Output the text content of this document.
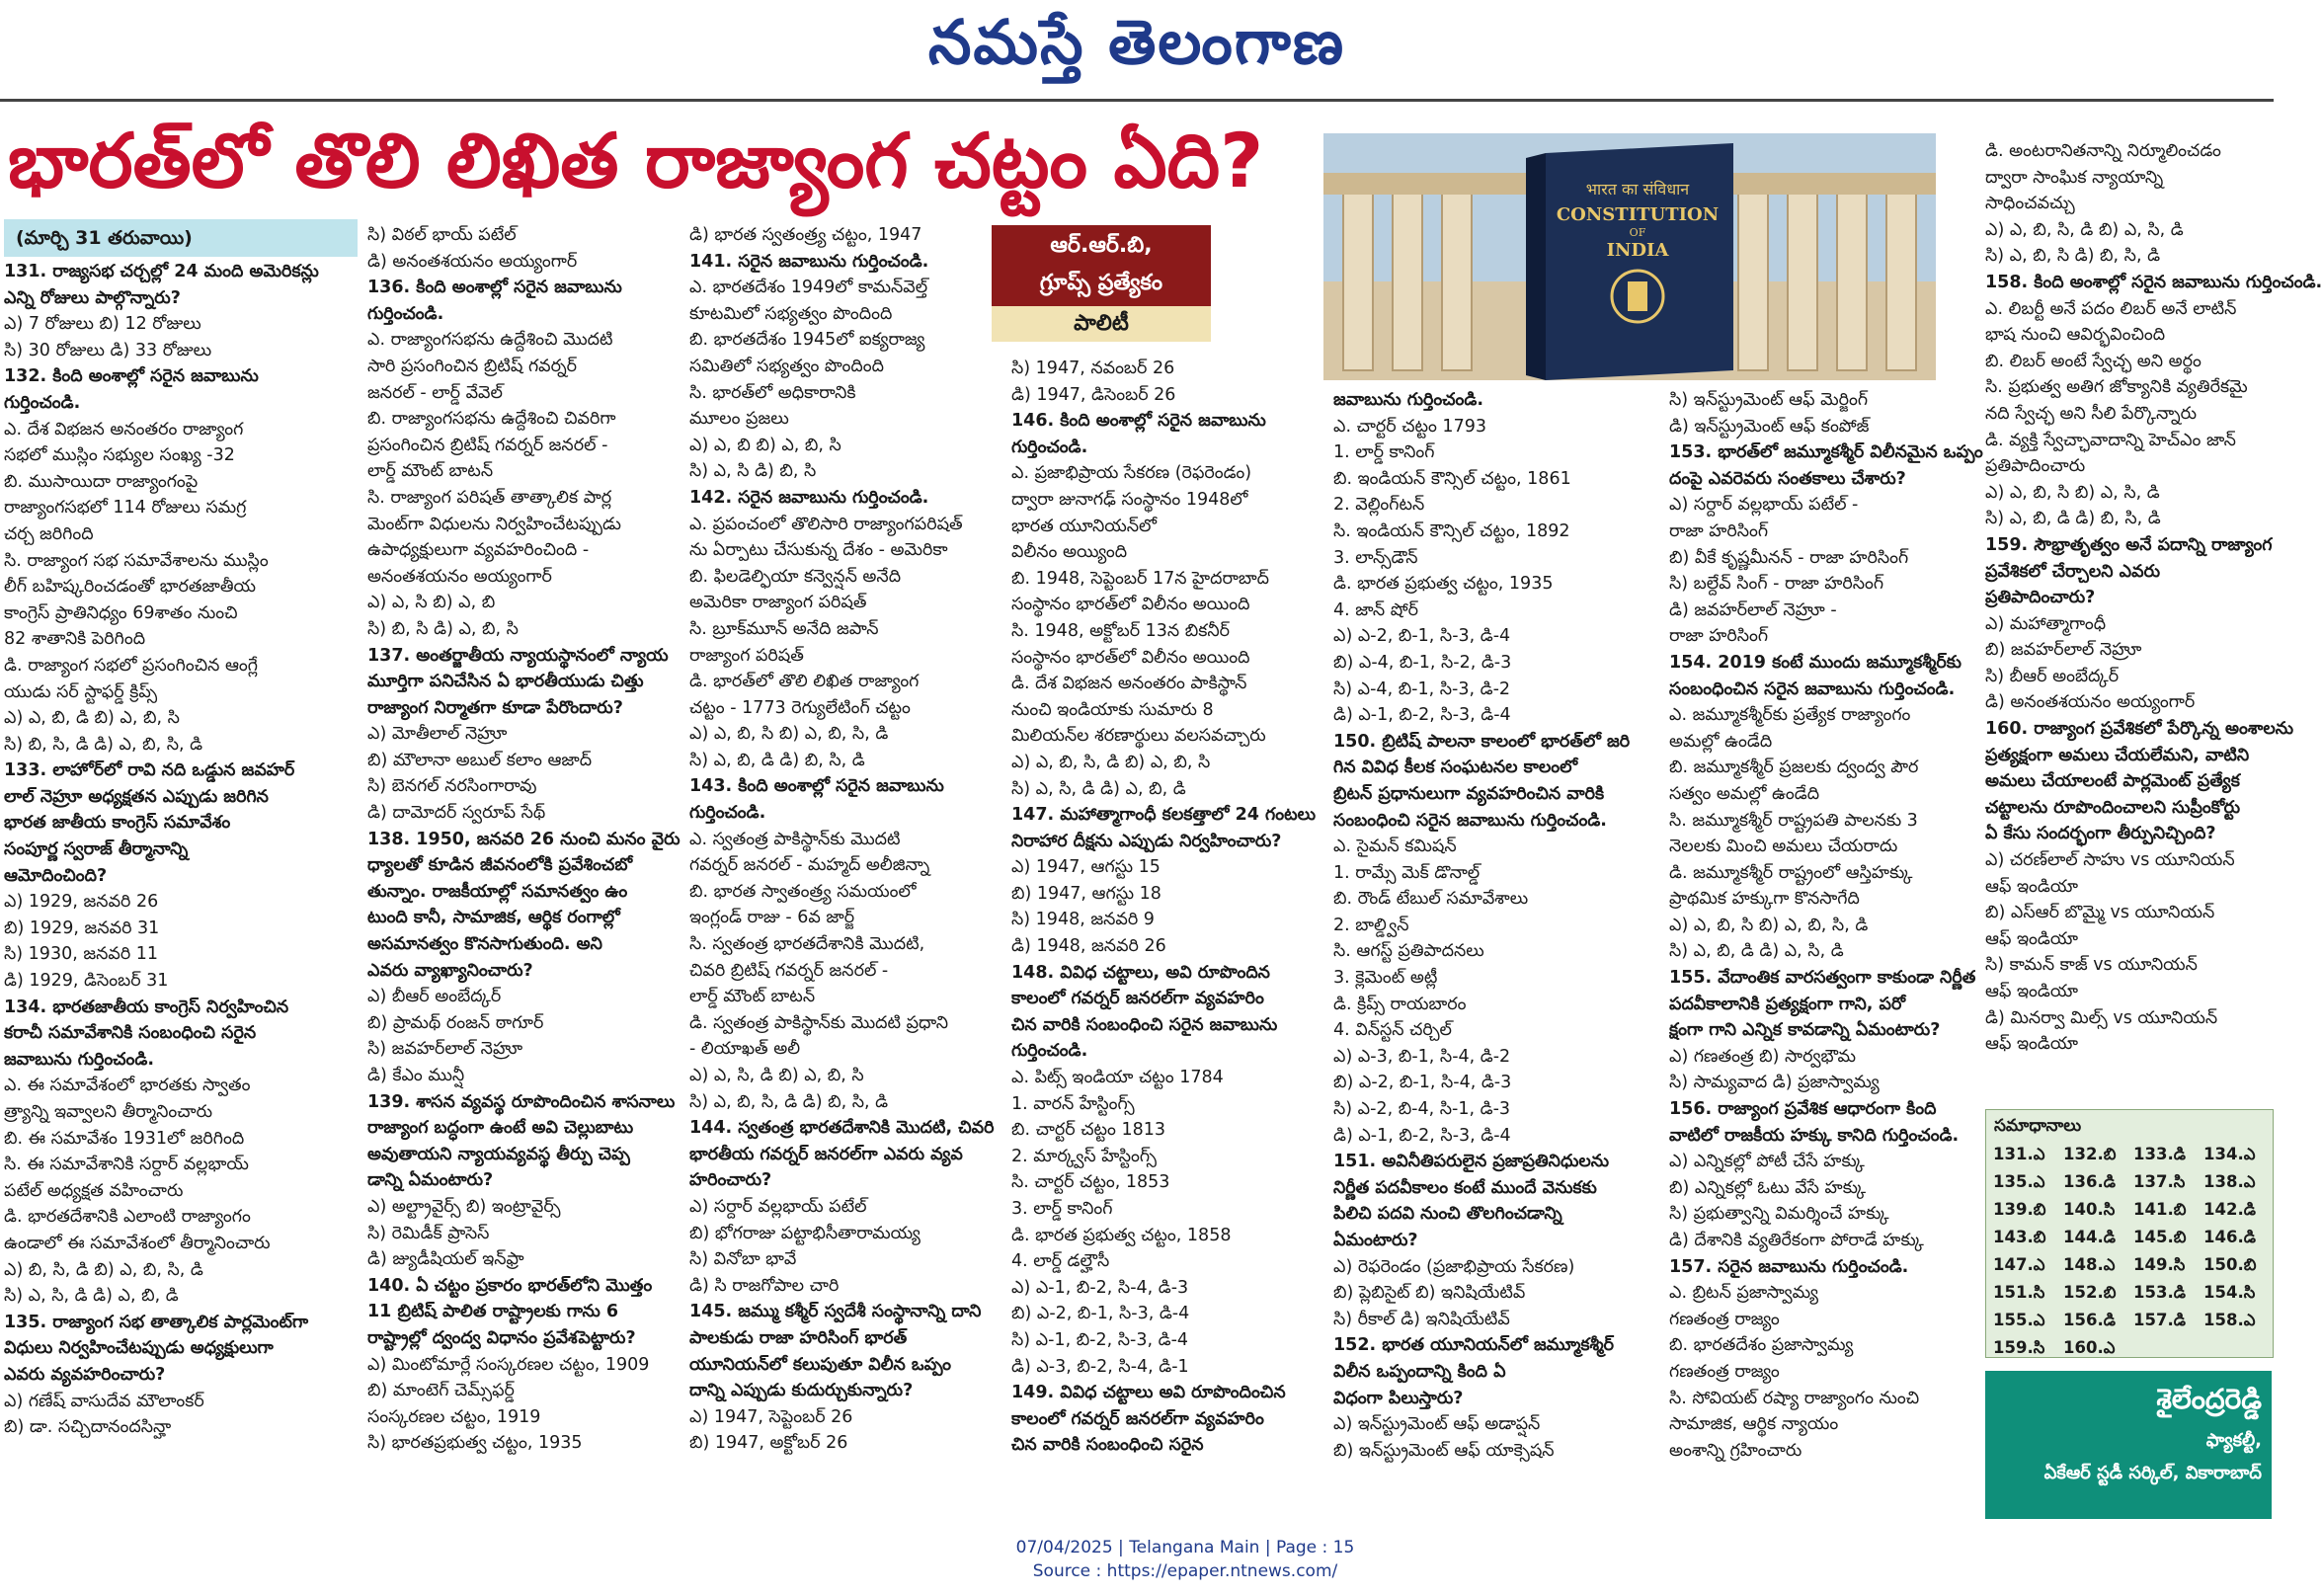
నమస్తే తెలంగాణ
భారత్‌లో తొలి లిఖిత రాజ్యాంగ చట్టం ఏది?	भारत का संविधान
CONSTITUTION
OF
INDIA
ఆర్.ఆర్.బి,
గ్రూప్స్ ప్రత్యేకం
పాలిటీ
(మార్చి 31 తరువాయి)

131. రాజ్యసభ చర్చల్లో 24 మంది అమెరికన్లు

ఎన్ని రోజులు పాల్గొన్నారు?

ఎ) 7 రోజులు బి) 12 రోజులు

సి) 30 రోజులు డి) 33 రోజులు

132. కింది అంశాల్లో సరైన జవాబును

గుర్తించండి.

ఎ. దేశ విభజన అనంతరం రాజ్యాంగ

సభలో ముస్లిం సభ్యుల సంఖ్య -32

బి. ముసాయిదా రాజ్యాంగంపై

రాజ్యాంగసభలో 114 రోజులు సమగ్ర

చర్చ జరిగింది

సి. రాజ్యాంగ సభ సమావేశాలను ముస్లిం

లీగ్ బహిష్కరించడంతో భారతజాతీయ

కాంగ్రెస్ ప్రాతినిధ్యం 69శాతం నుంచి

82 శాతానికి పెరిగింది

డి. రాజ్యాంగ సభలో ప్రసంగించిన ఆంగ్లే

యుడు సర్ స్టాఫర్డ్ క్రిప్స్

ఎ) ఎ, బి, డి బి) ఎ, బి, సి

సి) బి, సి, డి డి) ఎ, బి, సి, డి

133. లాహోర్‌లో రావి నది ఒడ్డున జవహర్

లాల్ నెహ్రూ అధ్యక్షతన ఎప్పుడు జరిగిన

భారత జాతీయ కాంగ్రెస్ సమావేశం

సంపూర్ణ స్వరాజ్ తీర్మానాన్ని

ఆమోదించింది?

ఎ) 1929, జనవరి 26

బి) 1929, జనవరి 31

సి) 1930, జనవరి 11

డి) 1929, డిసెంబర్ 31

134. భారతజాతీయ కాంగ్రెస్ నిర్వహించిన

కరాచీ సమావేశానికి సంబంధించి సరైన

జవాబును గుర్తించండి.

ఎ. ఈ సమావేశంలో భారతకు స్వాతం

త్ర్యాన్ని ఇవ్వాలని తీర్మానించారు

బి. ఈ సమావేశం 1931లో జరిగింది

సి. ఈ సమావేశానికి సర్దార్ వల్లభాయ్

పటేల్ అధ్యక్షత వహించారు

డి. భారతదేశానికి ఎలాంటి రాజ్యాంగం

ఉండాలో ఈ సమావేశంలో తీర్మానించారు

ఎ) బి, సి, డి బి) ఎ, బి, సి, డి

సి) ఎ, సి, డి డి) ఎ, బి, డి

135. రాజ్యాంగ సభ తాత్కాలిక పార్లమెంట్‌గా

విధులు నిర్వహించేటప్పుడు అధ్యక్షులుగా

ఎవరు వ్యవహరించారు?

ఎ) గణేష్ వాసుదేవ మౌలాంకర్

బి) డా. సచ్చిదానందసిన్హా

సి) విఠల్ భాయ్ పటేల్

డి) అనంతశయనం అయ్యంగార్

136. కింది అంశాల్లో సరైన జవాబును

గుర్తించండి.

ఎ. రాజ్యాంగసభను ఉద్దేశించి మొదటి

సారి ప్రసంగించిన బ్రిటిష్ గవర్నర్

జనరల్ - లార్డ్ వేవెల్

బి. రాజ్యాంగసభను ఉద్దేశించి చివరిగా

ప్రసంగించిన బ్రిటిష్ గవర్నర్ జనరల్ -

లార్డ్ మౌంట్ బాటన్

సి. రాజ్యాంగ పరిషత్ తాత్కాలిక పార్ల

మెంట్‌గా విధులను నిర్వహించేటప్పుడు

ఉపాధ్యక్షులుగా వ్యవహరించింది -

అనంతశయనం అయ్యంగార్

ఎ) ఎ, సి బి) ఎ, బి

సి) బి, సి డి) ఎ, బి, సి

137. అంతర్జాతీయ న్యాయస్థానంలో న్యాయ

మూర్తిగా పనిచేసిన ఏ భారతీయుడు చిత్తు

రాజ్యాంగ నిర్మాతగా కూడా పేరొందారు?

ఎ) మోతీలాల్ నెహ్రూ

బి) మౌలానా అబుల్ కలాం ఆజాద్

సి) బెనగల్ నరసింగారావు

డి) దామోదర్ స్వరూప్ సేథ్

138. 1950, జనవరి 26 నుంచి మనం వైరు

ధ్యాలతో కూడిన జీవనంలోకి ప్రవేశించబో

తున్నాం. రాజకీయాల్లో సమానత్వం ఉం

టుంది కానీ, సామాజిక, ఆర్థిక రంగాల్లో

అసమానత్వం కొనసాగుతుంది. అని

ఎవరు వ్యాఖ్యానించారు?

ఎ) బీఆర్ అంబేద్కర్

బి) ప్రామథ్ రంజన్ ఠాగూర్

సి) జవహర్‌లాల్ నెహ్రూ

డి) కేఎం మున్షీ

139. శాసన వ్యవస్థ రూపొందించిన శాసనాలు

రాజ్యాంగ బద్ధంగా ఉంటే అవి చెల్లుబాటు

అవుతాయని న్యాయవ్యవస్థ తీర్పు చెప్ప

డాన్ని ఏమంటారు?

ఎ) అల్ట్రావైర్స్ బి) ఇంట్రావైర్స్

సి) రెమిడీక్ ప్రాసెస్

డి) జ్యుడీషియల్ ఇన్‌ఫ్రా

140. ఏ చట్టం ప్రకారం భారత్‌లోని మొత్తం

11 బ్రిటిష్ పాలిత రాష్ట్రాలకు గాను 6

రాష్ట్రాల్లో ద్వంద్వ విధానం ప్రవేశపెట్టారు?

ఎ) మింటోమార్లే సంస్కరణల చట్టం, 1909

బి) మాంటెగ్ చెమ్స్‌ఫర్డ్

సంస్కరణల చట్టం, 1919

సి) భారతప్రభుత్వ చట్టం, 1935

డి) భారత స్వతంత్ర్య చట్టం, 1947

141. సరైన జవాబును గుర్తించండి.

ఎ. భారతదేశం 1949లో కామన్‌వెల్త్

కూటమిలో సభ్యత్వం పొందింది

బి. భారతదేశం 1945లో ఐక్యరాజ్య

సమితిలో సభ్యత్వం పొందింది

సి. భారత్‌లో అధికారానికి

మూలం ప్రజలు

ఎ) ఎ, బి బి) ఎ, బి, సి

సి) ఎ, సి డి) బి, సి

142. సరైన జవాబును గుర్తించండి.

ఎ. ప్రపంచంలో తొలిసారి రాజ్యాంగపరిషత్

ను ఏర్పాటు చేసుకున్న దేశం - అమెరికా

బి. ఫిలడెల్ఫియా కన్వెన్షన్ అనేది

అమెరికా రాజ్యాంగ పరిషత్

సి. బ్రూక్‌మూన్ అనేది జపాన్

రాజ్యాంగ పరిషత్

డి. భారత్‌లో తొలి లిఖిత రాజ్యాంగ

చట్టం - 1773 రెగ్యులేటింగ్ చట్టం

ఎ) ఎ, బి, సి బి) ఎ, బి, సి, డి

సి) ఎ, బి, డి డి) బి, సి, డి

143. కింది అంశాల్లో సరైన జవాబును

గుర్తించండి.

ఎ. స్వతంత్ర పాకిస్థాన్‌కు మొదటి

గవర్నర్ జనరల్ - మహ్మద్ అలీజిన్నా

బి. భారత స్వాతంత్ర్య సమయంలో

ఇంగ్లండ్ రాజు - 6వ జార్జ్

సి. స్వతంత్ర భారతదేశానికి మొదటి,

చివరి బ్రిటిష్ గవర్నర్ జనరల్ -

లార్డ్ మౌంట్ బాటన్

డి. స్వతంత్ర పాకిస్థాన్‌కు మొదటి ప్రధాని

- లియాఖత్ అలీ

ఎ) ఎ, సి, డి బి) ఎ, బి, సి

సి) ఎ, బి, సి, డి డి) బి, సి, డి

144. స్వతంత్ర భారతదేశానికి మొదటి, చివరి

భారతీయ గవర్నర్ జనరల్‌గా ఎవరు వ్యవ

హరించారు?

ఎ) సర్దార్ వల్లభాయ్ పటేల్

బి) భోగరాజు పట్టాభిసీతారామయ్య

సి) వినోబా భావే

డి) సి రాజగోపాల చారి

145. జమ్ము కశ్మీర్ స్వదేశీ సంస్థానాన్ని దాని

పాలకుడు రాజా హరిసింగ్ భారత్

యూనియన్‌లో కలుపుతూ విలీన ఒప్పం

దాన్ని ఎప్పుడు కుదుర్చుకున్నారు?

ఎ) 1947, సెప్టెంబర్ 26

బి) 1947, అక్టోబర్ 26

సి) 1947, నవంబర్ 26

డి) 1947, డిసెంబర్ 26

146. కింది అంశాల్లో సరైన జవాబును

గుర్తించండి.

ఎ. ప్రజాభిప్రాయ సేకరణ (రెఫరెండం)

ద్వారా జునాగఢ్ సంస్థానం 1948లో

భారత యూనియన్‌లో

విలీనం అయ్యింది

బి. 1948, సెప్టెంబర్ 17న హైదరాబాద్

సంస్థానం భారత్‌లో విలీనం అయింది

సి. 1948, అక్టోబర్ 13న బికనీర్

సంస్థానం భారత్‌లో విలీనం అయింది

డి. దేశ విభజన అనంతరం పాకిస్థాన్

నుంచి ఇండియాకు సుమారు 8

మిలియన్‌ల శరణార్థులు వలసవచ్చారు

ఎ) ఎ, బి, సి, డి బి) ఎ, బి, సి

సి) ఎ, సి, డి డి) ఎ, బి, డి

147. మహాత్మాగాంధీ కలకత్తాలో 24 గంటలు

నిరాహార దీక్షను ఎప్పుడు నిర్వహించారు?

ఎ) 1947, ఆగస్టు 15

బి) 1947, ఆగస్టు 18

సి) 1948, జనవరి 9

డి) 1948, జనవరి 26

148. వివిధ చట్టాలు, అవి రూపొందిన

కాలంలో గవర్నర్ జనరల్‌గా వ్యవహరిం

చిన వారికి సంబంధించి సరైన జవాబును

గుర్తించండి.

ఎ. పిట్స్ ఇండియా చట్టం 1784

1. వారన్ హేస్టింగ్స్

బి. చార్టర్ చట్టం 1813

2. మార్క్వస్ హేస్టింగ్స్

సి. చార్టర్ చట్టం, 1853

3. లార్డ్ కానింగ్

డి. భారత ప్రభుత్వ చట్టం, 1858

4. లార్డ్ డల్హౌసీ

ఎ) ఎ-1, బి-2, సి-4, డి-3

బి) ఎ-2, బి-1, సి-3, డి-4

సి) ఎ-1, బి-2, సి-3, డి-4

డి) ఎ-3, బి-2, సి-4, డి-1

149. వివిధ చట్టాలు అవి రూపొందించిన

కాలంలో గవర్నర్ జనరల్‌గా వ్యవహరిం

చిన వారికి సంబంధించి సరైన

జవాబును గుర్తించండి.

ఎ. చార్టర్ చట్టం 1793

1. లార్డ్ కానింగ్

బి. ఇండియన్ కౌన్సిల్ చట్టం, 1861

2. వెల్లింగ్‌టన్

సి. ఇండియన్ కౌన్సిల్ చట్టం, 1892

3. లాన్స్‌డౌన్

డి. భారత ప్రభుత్వ చట్టం, 1935

4. జాన్ షోర్

ఎ) ఎ-2, బి-1, సి-3, డి-4

బి) ఎ-4, బి-1, సి-2, డి-3

సి) ఎ-4, బి-1, సి-3, డి-2

డి) ఎ-1, బి-2, సి-3, డి-4

150. బ్రిటిష్ పాలనా కాలంలో భారత్‌లో జరి

గిన వివిధ కీలక సంఘటనల కాలంలో

బ్రిటన్ ప్రధానులుగా వ్యవహరించిన వారికి

సంబంధించి సరైన జవాబును గుర్తించండి.

ఎ. సైమన్ కమిషన్

1. రామ్సే మెక్ డొనాల్డ్

బి. రౌండ్ టేబుల్ సమావేశాలు

2. బాల్డ్విన్

సి. ఆగస్ట్ ప్రతిపాదనలు

3. క్లెమెంట్ అట్లీ

డి. క్రిప్స్ రాయబారం

4. విన్‌స్టన్ చర్చిల్

ఎ) ఎ-3, బి-1, సి-4, డి-2

బి) ఎ-2, బి-1, సి-4, డి-3

సి) ఎ-2, బి-4, సి-1, డి-3

డి) ఎ-1, బి-2, సి-3, డి-4

151. అవినీతిపరులైన ప్రజాప్రతినిధులను

నిర్ణీత పదవీకాలం కంటే ముందే వెనుకకు

పిలిచి పదవి నుంచి తొలగించడాన్ని

ఏమంటారు?

ఎ) రెఫరెండం (ప్రజాభిప్రాయ సేకరణ)

బి) ప్లెబిసైట్ బి) ఇనిషియేటివ్

సి) రీకాల్ డి) ఇనిషియేటివ్

152. భారత యూనియన్‌లో జమ్మూకశ్మీర్

విలీన ఒప్పందాన్ని కింది ఏ

విధంగా పిలుస్తారు?

ఎ) ఇన్‌స్ట్రుమెంట్ ఆఫ్ అడాప్షన్

బి) ఇన్‌స్ట్రుమెంట్ ఆఫ్ యాక్సెషన్

సి) ఇన్‌స్ట్రుమెంట్ ఆఫ్ మెర్జింగ్

డి) ఇన్‌స్ట్రుమెంట్ ఆఫ్ కంపోజ్

153. భారత్‌లో జమ్మూకశ్మీర్ విలీనమైన ఒప్పం

దంపై ఎవరెవరు సంతకాలు చేశారు?

ఎ) సర్దార్ వల్లభాయ్ పటేల్ -

రాజా హరిసింగ్

బి) వీకే కృష్ణమీనన్ - రాజా హరిసింగ్

సి) బల్దేవ్ సింగ్ - రాజా హరిసింగ్

డి) జవహర్‌లాల్ నెహ్రూ -

రాజా హరిసింగ్

154. 2019 కంటే ముందు జమ్మూకశ్మీర్‌కు

సంబంధించిన సరైన జవాబును గుర్తించండి.

ఎ. జమ్మూకశ్మీర్‌కు ప్రత్యేక రాజ్యాంగం

అమల్లో ఉండేది

బి. జమ్మూకశ్మీర్ ప్రజలకు ద్వంద్వ పౌర

సత్వం అమల్లో ఉండేది

సి. జమ్మూకశ్మీర్ రాష్ట్రపతి పాలనకు 3

నెలలకు మించి అమలు చేయరాదు

డి. జమ్మూకశ్మీర్ రాష్ట్రంలో ఆస్తిహక్కు

ప్రాథమిక హక్కుగా కొనసాగేది

ఎ) ఎ, బి, సి బి) ఎ, బి, సి, డి

సి) ఎ, బి, డి డి) ఎ, సి, డి

155. వేదాంతిక వారసత్వంగా కాకుండా నిర్ణీత

పదవీకాలానికి ప్రత్యక్షంగా గాని, పరో

క్షంగా గాని ఎన్నిక కావడాన్ని ఏమంటారు?

ఎ) గణతంత్ర బి) సార్వభౌమ

సి) సామ్యవాద డి) ప్రజాస్వామ్య

156. రాజ్యాంగ ప్రవేశిక ఆధారంగా కింది

వాటిలో రాజకీయ హక్కు కానిది గుర్తించండి.

ఎ) ఎన్నికల్లో పోటీ చేసే హక్కు

బి) ఎన్నికల్లో ఓటు వేసే హక్కు

సి) ప్రభుత్వాన్ని విమర్శించే హక్కు

డి) దేశానికి వ్యతిరేకంగా పోరాడే హక్కు

157. సరైన జవాబును గుర్తించండి.

ఎ. బ్రిటన్ ప్రజాస్వామ్య

గణతంత్ర రాజ్యం

బి. భారతదేశం ప్రజాస్వామ్య

గణతంత్ర రాజ్యం

సి. సోవియట్ రష్యా రాజ్యాంగం నుంచి

సామాజిక, ఆర్థిక న్యాయం

అంశాన్ని గ్రహించారు

డి. అంటరానితనాన్ని నిర్మూలించడం

ద్వారా సాంఘిక న్యాయాన్ని

సాధించవచ్చు

ఎ) ఎ, బి, సి, డి బి) ఎ, సి, డి

సి) ఎ, బి, సి డి) బి, సి, డి

158. కింది అంశాల్లో సరైన జవాబును గుర్తించండి.

ఎ. లిబర్టీ అనే పదం లిబర్ అనే లాటిన్

భాష నుంచి ఆవిర్భవించింది

బి. లిబర్ అంటే స్వేచ్ఛ అని అర్థం

సి. ప్రభుత్వ అతిగ జోక్యానికి వ్యతిరేకమై

నది స్వేచ్ఛ అని సీలి పేర్కొన్నారు

డి. వ్యక్తి స్వేచ్ఛావాదాన్ని హెచ్‌ఎం జాన్

ప్రతిపాదించారు

ఎ) ఎ, బి, సి బి) ఎ, సి, డి

సి) ఎ, బి, డి డి) బి, సి, డి

159. సౌభ్రాతృత్వం అనే పదాన్ని రాజ్యాంగ

ప్రవేశికలో చేర్చాలని ఎవరు

ప్రతిపాదించారు?

ఎ) మహాత్మాగాంధీ

బి) జవహర్‌లాల్ నెహ్రూ

సి) బీఆర్ అంబేద్కర్

డి) అనంతశయనం అయ్యంగార్

160. రాజ్యాంగ ప్రవేశికలో పేర్కొన్న అంశాలను

ప్రత్యక్షంగా అమలు చేయలేమని, వాటిని

అమలు చేయాలంటే పార్లమెంట్ ప్రత్యేక

చట్టాలను రూపొందించాలని సుప్రీంకోర్టు

ఏ కేసు సందర్భంగా తీర్పునిచ్చింది?

ఎ) చరణ్‌లాల్ సాహు vs యూనియన్

ఆఫ్ ఇండియా

బి) ఎస్ఆర్ బొమ్మై vs యూనియన్

ఆఫ్ ఇండియా

సి) కామన్ కాజ్ vs యూనియన్

ఆఫ్ ఇండియా

డి) మినర్వా మిల్స్ vs యూనియన్

ఆఫ్ ఇండియా

సమాధానాలు
131.ఎ	132.బి	133.డి	134.ఎ
135.ఎ	136.డి	137.సి	138.ఎ
139.బి	140.సి	141.బి	142.డి
143.బి	144.డి	145.బి	146.డి
147.ఎ	148.ఎ	149.సి	150.బి
151.సి	152.బి	153.డి	154.సి
155.ఎ	156.డి	157.డి	158.ఎ
159.సి	160.ఎ		
శైలేంద్రరెడ్డి
ఫ్యాకల్టీ,
ఏకేఆర్ స్టడీ సర్కిల్, వికారాబాద్
07/04/2025 | Telangana Main | Page : 15
Source : https://epaper.ntnews.com/
